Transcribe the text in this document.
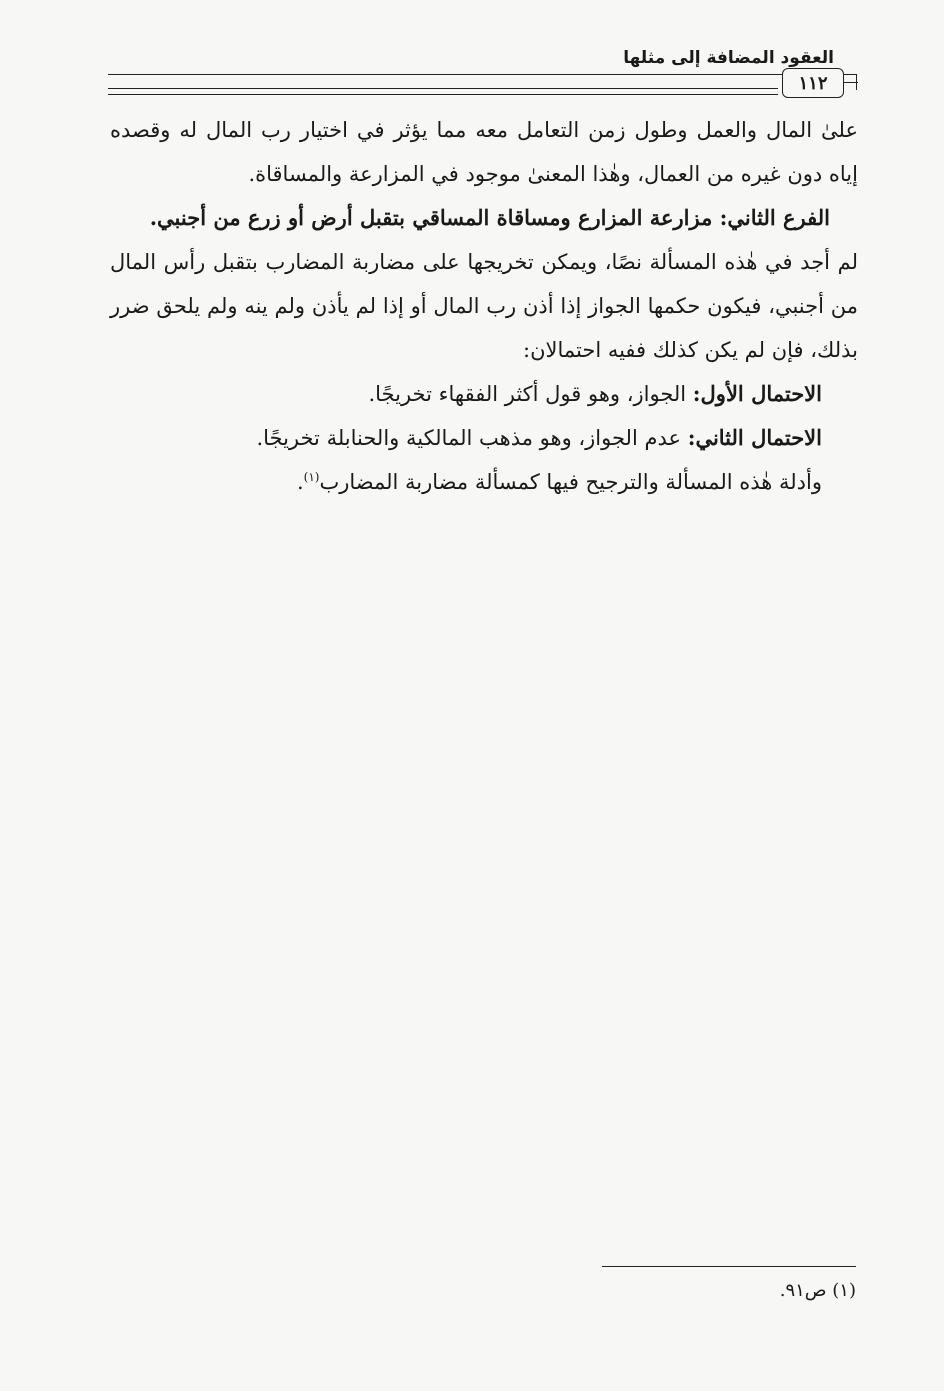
العقود المضافة إلى مثلها
١١٢

علىٰ المال والعمل وطول زمن التعامل معه مما يؤثر في اختيار رب المال له وقصده إياه دون غيره من العمال، وهٰذا المعنىٰ موجود في المزارعة والمساقاة.

الفرع الثاني: مزارعة المزارع ومساقاة المساقي بتقبل أرض أو زرع من أجنبي.

لم أجد في هٰذه المسألة نصًا، ويمكن تخريجها على مضاربة المضارب بتقبل رأس المال من أجنبي، فيكون حكمها الجواز إذا أذن رب المال أو إذا لم يأذن ولم ينه ولم يلحق ضرر بذلك، فإن لم يكن كذلك ففيه احتمالان:

الاحتمال الأول: الجواز، وهو قول أكثر الفقهاء تخريجًا.

الاحتمال الثاني: عدم الجواز، وهو مذهب المالكية والحنابلة تخريجًا.

وأدلة هٰذه المسألة والترجيح فيها كمسألة مضاربة المضارب$^{(١)}$.

(١) ص٩١.
